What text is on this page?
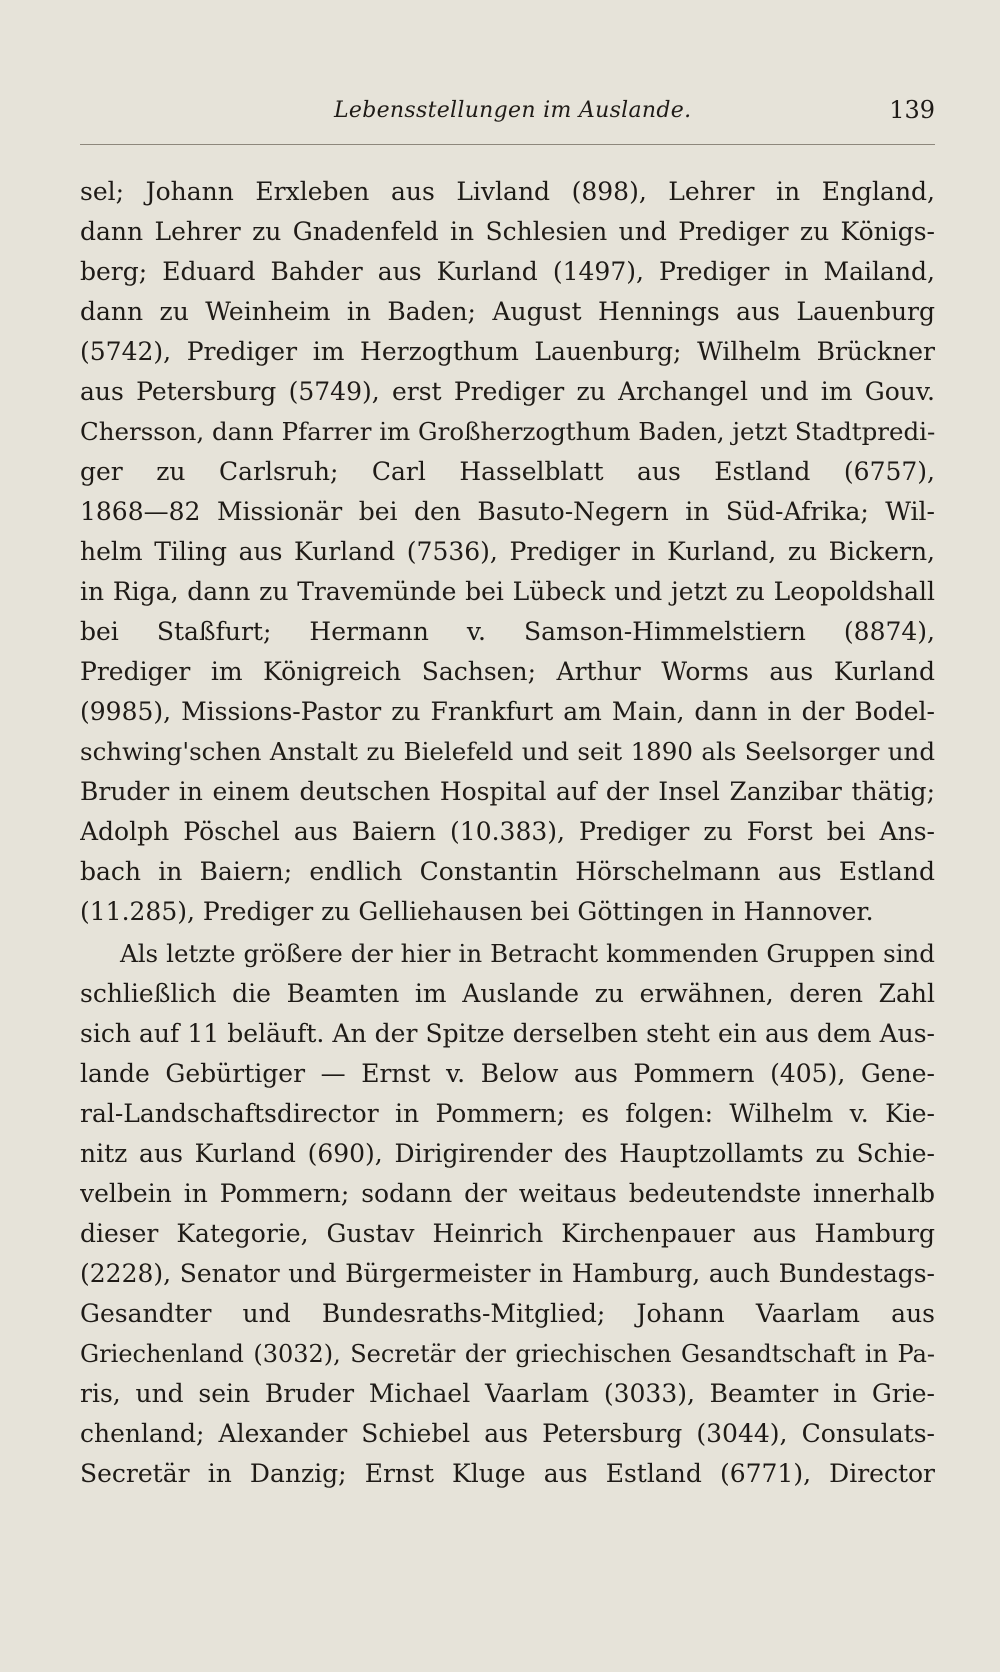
Lebensstellungen im Auslande.	139
sel; Johann Erxleben aus Livland (898), Lehrer in England,
dann Lehrer zu Gnadenfeld in Schlesien und Prediger zu Königs-
berg; Eduard Bahder aus Kurland (1497), Prediger in Mailand,
dann zu Weinheim in Baden; August Hennings aus Lauenburg
(5742), Prediger im Herzogthum Lauenburg; Wilhelm Brückner
aus Petersburg (5749), erst Prediger zu Archangel und im Gouv.
Chersson, dann Pfarrer im Großherzogthum Baden, jetzt Stadtpredi-
ger zu Carlsruh; Carl Hasselblatt aus Estland (6757),
1868—82 Missionär bei den Basuto-Negern in Süd-Afrika; Wil-
helm Tiling aus Kurland (7536), Prediger in Kurland, zu Bickern,
in Riga, dann zu Travemünde bei Lübeck und jetzt zu Leopoldshall
bei Staßfurt; Hermann v. Samson-Himmelstiern (8874),
Prediger im Königreich Sachsen; Arthur Worms aus Kurland
(9985), Missions-Pastor zu Frankfurt am Main, dann in der Bodel-
schwing'schen Anstalt zu Bielefeld und seit 1890 als Seelsorger und
Bruder in einem deutschen Hospital auf der Insel Zanzibar thätig;
Adolph Pöschel aus Baiern (10.383), Prediger zu Forst bei Ans-
bach in Baiern; endlich Constantin Hörschelmann aus Estland
(11.285), Prediger zu Gelliehausen bei Göttingen in Hannover.
Als letzte größere der hier in Betracht kommenden Gruppen sind
schließlich die Beamten im Auslande zu erwähnen, deren Zahl
sich auf 11 beläuft. An der Spitze derselben steht ein aus dem Aus-
lande Gebürtiger — Ernst v. Below aus Pommern (405), Gene-
ral-Landschaftsdirector in Pommern; es folgen: Wilhelm v. Kie-
nitz aus Kurland (690), Dirigirender des Hauptzollamts zu Schie-
velbein in Pommern; sodann der weitaus bedeutendste innerhalb
dieser Kategorie, Gustav Heinrich Kirchenpauer aus Hamburg
(2228), Senator und Bürgermeister in Hamburg, auch Bundestags-
Gesandter und Bundesraths-Mitglied; Johann Vaarlam aus
Griechenland (3032), Secretär der griechischen Gesandtschaft in Pa-
ris, und sein Bruder Michael Vaarlam (3033), Beamter in Grie-
chenland; Alexander Schiebel aus Petersburg (3044), Consulats-
Secretär in Danzig; Ernst Kluge aus Estland (6771), Director
